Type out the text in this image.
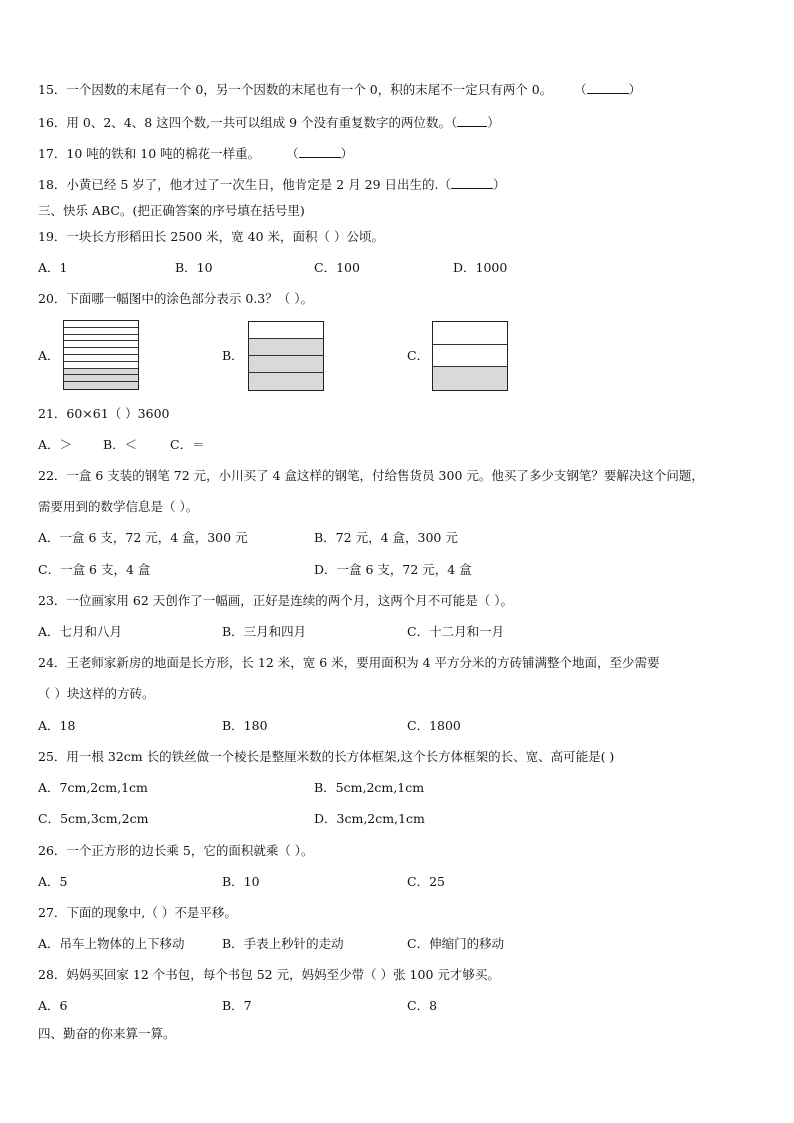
15．一个因数的末尾有一个 0，另一个因数的末尾也有一个 0，积的末尾不一定只有两个 0。 （	）
16．用 0、2、4、8 这四个数,一共可以组成 9 个没有重复数字的两位数。（ ）
17．10 吨的铁和 10 吨的棉花一样重。 （	）
18．小黄已经 5 岁了，他才过了一次生日，他肯定是 2 月 29 日出生的.（	）
三、快乐 ABC。(把正确答案的序号填在括号里)
19．一块长方形稻田长 2500 米，宽 40 米，面积（ ）公顷。
A．1	B．10	C．100	D．1000
20．下面哪一幅图中的涂色部分表示 0.3？（ ）。
A．	B．	C．
21．60×61（ ）3600
A．＞ B．＜	C．＝
22．一盒 6 支装的钢笔 72 元，小川买了 4 盒这样的钢笔，付给售货员 300 元。他买了多少支钢笔？要解决这个问题，
需要用到的数学信息是（ ）。
A．一盒 6 支，72 元，4 盒，300 元	B．72 元，4 盒，300 元
C．一盒 6 支，4 盒	D．一盒 6 支，72 元，4 盒
23．一位画家用 62 天创作了一幅画，正好是连续的两个月，这两个月不可能是（ ）。
A．七月和八月	B．三月和四月	C．十二月和一月
24．王老师家新房的地面是长方形，长 12 米，宽 6 米，要用面积为 4 平方分米的方砖铺满整个地面，至少需要
（ ）块这样的方砖。
A．18	B．180	C．1800
25．用一根 32cm 长的铁丝做一个棱长是整厘米数的长方体框架,这个长方体框架的长、宽、高可能是( )
A．7cm,2cm,1cm	B．5cm,2cm,1cm
C．5cm,3cm,2cm	D．3cm,2cm,1cm
26．一个正方形的边长乘 5，它的面积就乘（ ）。
A．5	B．10	C．25
27．下面的现象中,（ ）不是平移。
A．吊车上物体的上下移动	B．手表上秒针的走动	C．伸缩门的移动
28．妈妈买回家 12 个书包，每个书包 52 元，妈妈至少带（ ）张 100 元才够买。
A．6	B．7	C．8
四、勤奋的你来算一算。
